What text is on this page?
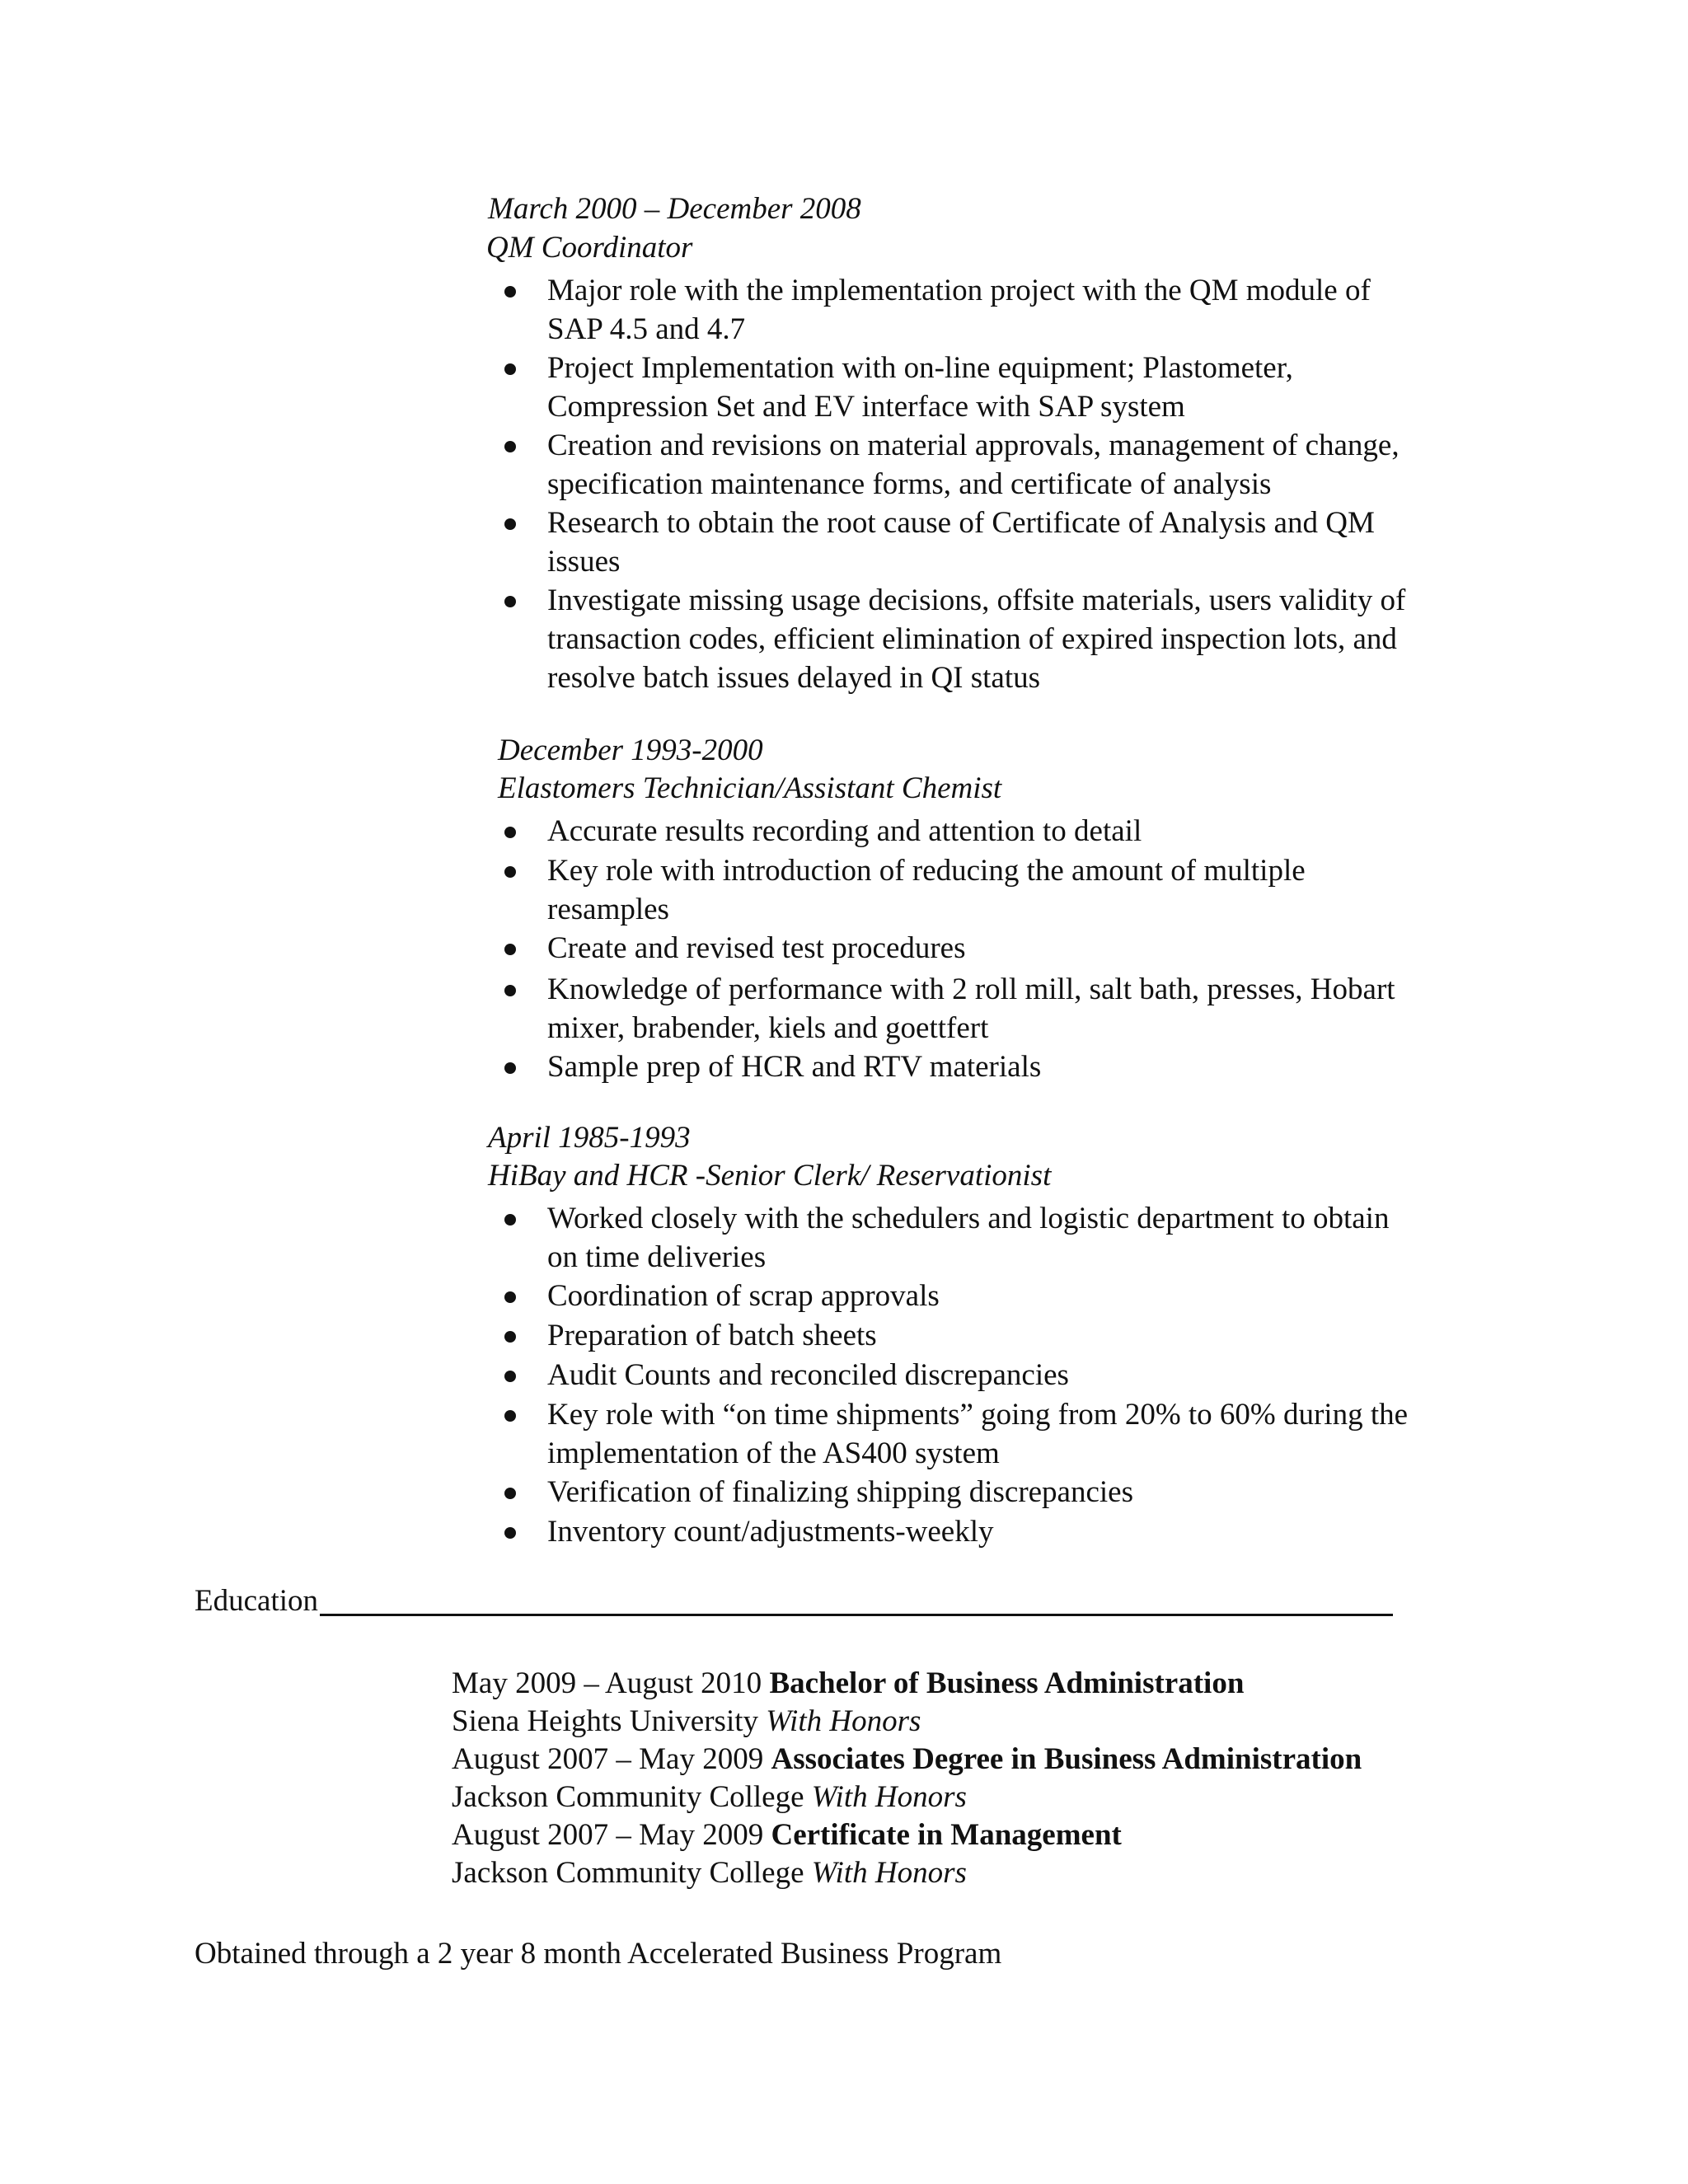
March 2000 – December 2008
QM Coordinator
Major role with the implementation project with the QM module of
SAP 4.5 and 4.7
Project Implementation with on-line equipment; Plastometer,
Compression Set and EV interface with SAP system
Creation and revisions on material approvals, management of change,
specification maintenance forms, and certificate of analysis
Research to obtain the root cause of Certificate of Analysis and QM
issues
Investigate missing usage decisions, offsite materials, users validity of
transaction codes, efficient elimination of expired inspection lots, and
resolve batch issues delayed in QI status
December 1993-2000
Elastomers Technician/Assistant Chemist
Accurate results recording and attention to detail
Key role with introduction of reducing the amount of multiple
resamples
Create and revised test procedures
Knowledge of performance with 2 roll mill, salt bath, presses, Hobart
mixer, brabender, kiels and goettfert
Sample prep of HCR and RTV materials
April 1985-1993
HiBay and HCR -Senior Clerk/ Reservationist
Worked closely with the schedulers and logistic department to obtain
on time deliveries
Coordination of scrap approvals
Preparation of batch sheets
Audit Counts and reconciled discrepancies
Key role with “on time shipments” going from 20% to 60% during the
implementation of the AS400 system
Verification of finalizing shipping discrepancies
Inventory count/adjustments-weekly
Education
May 2009 – August 2010 Bachelor of Business Administration
Siena Heights University With Honors
August 2007 – May 2009 Associates Degree in Business Administration
Jackson Community College With Honors
August 2007 – May 2009 Certificate in Management
Jackson Community College With Honors
Obtained through a 2 year 8 month Accelerated Business Program
